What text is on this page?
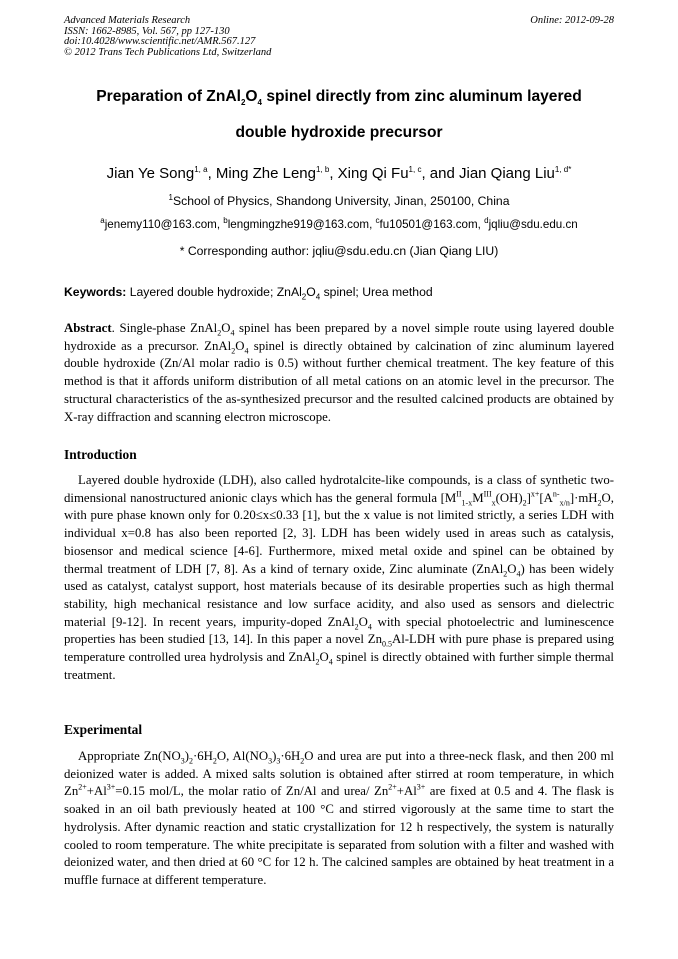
Advanced Materials Research
ISSN: 1662-8985, Vol. 567, pp 127-130
doi:10.4028/www.scientific.net/AMR.567.127
© 2012 Trans Tech Publications Ltd, Switzerland
Online: 2012-09-28
Preparation of $ZnAl_2O_4$ spinel directly from zinc aluminum layered
double hydroxide precursor
Jian Ye Song$^{1, a}$, Ming Zhe Leng$^{1, b}$, Xing Qi Fu$^{1, c}$, and Jian Qiang Liu$^{1, d*}$
$^1$School of Physics, Shandong University, Jinan, 250100, China
$^a$jenemy110@163.com, $^b$lengmingzhe919@163.com, $^c$fu10501@163.com, $^d$jqliu@sdu.edu.cn
* Corresponding author: jqliu@sdu.edu.cn (Jian Qiang LIU)
Keywords: Layered double hydroxide; $ZnAl_2O_4$ spinel; Urea method
Abstract. Single-phase $ZnAl_2O_4$ spinel has been prepared by a novel simple route using layered double hydroxide as a precursor. $ZnAl_2O_4$ spinel is directly obtained by calcination of zinc aluminum layered double hydroxide (Zn/Al molar radio is 0.5) without further chemical treatment. The key feature of this method is that it affords uniform distribution of all metal cations on an atomic level in the precursor. The structural characteristics of the as-synthesized precursor and the resulted calcined products are obtained by X-ray diffraction and scanning electron microscope.
Introduction
Layered double hydroxide (LDH), also called hydrotalcite-like compounds, is a class of synthetic two-dimensional nanostructured anionic clays which has the general formula $[M^{II}_{1-x}M^{III}_x(OH)_2]^{x+}[A^{n-}_{x/n}]\cdot mH_2O$, with pure phase known only for 0.20≤x≤0.33 [1], but the x value is not limited strictly, a series LDH with individual x=0.8 has also been reported [2, 3]. LDH has been widely used in areas such as catalysis, biosensor and medical science [4-6]. Furthermore, mixed metal oxide and spinel can be obtained by thermal treatment of LDH [7, 8]. As a kind of ternary oxide, Zinc aluminate $(ZnAl_2O_4)$ has been widely used as catalyst, catalyst support, host materials because of its desirable properties such as high thermal stability, high mechanical resistance and low surface acidity, and also used as sensors and dielectric material [9-12]. In recent years, impurity-doped $ZnAl_2O_4$ with special photoelectric and luminescence properties has been studied [13, 14]. In this paper a novel $Zn_{0.5}Al$-LDH with pure phase is prepared using temperature controlled urea hydrolysis and $ZnAl_2O_4$ spinel is directly obtained with further simple thermal treatment.
Experimental
Appropriate $Zn(NO_3)_2\cdot 6H_2O$, $Al(NO_3)_3\cdot 6H_2O$ and urea are put into a three-neck flask, and then 200 ml deionized water is added. A mixed salts solution is obtained after stirred at room temperature, in which $Zn^{2+}+Al^{3+}=0.15$ mol/L, the molar ratio of Zn/Al and urea/ $Zn^{2+}+Al^{3+}$ are fixed at 0.5 and 4. The flask is soaked in an oil bath previously heated at 100 °C and stirred vigorously at the same time to start the hydrolysis. After dynamic reaction and static crystallization for 12 h respectively, the system is naturally cooled to room temperature. The white precipitate is separated from solution with a filter and washed with deionized water, and then dried at 60 °C for 12 h. The calcined samples are obtained by heat treatment in a muffle furnace at different temperature.
